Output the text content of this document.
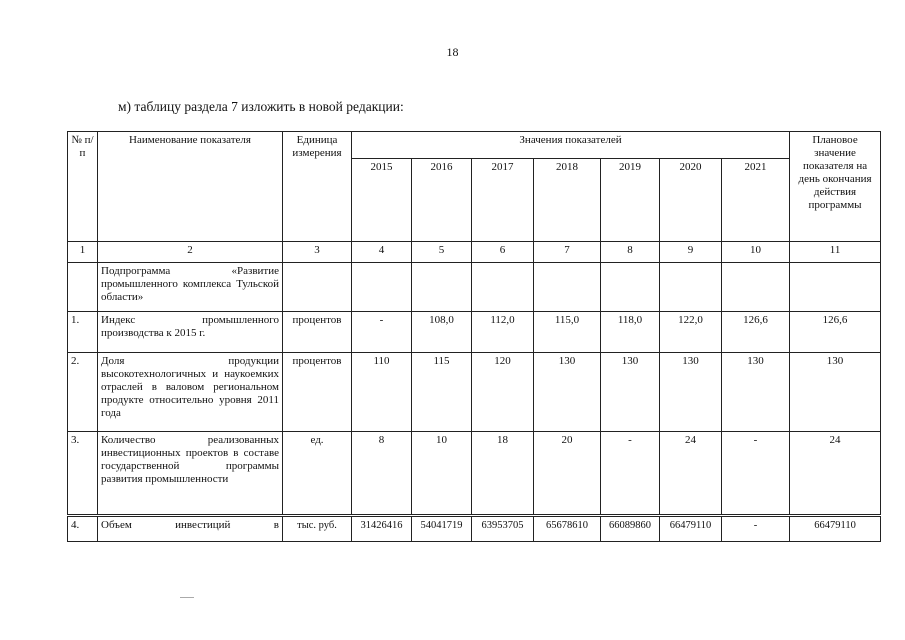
18
м) таблицу раздела 7 изложить в новой редакции:
№ п/п	Наименование показателя	Единица измерения	Значения показателей							Плановое значение показателя на день окончания действия программы
			2015	2016	2017	2018	2019	2020	2021	
1	2	3	4	5	6	7	8	9	10	11
	Подпрограмма «Развитие промышленного комплекса Тульской области»									
1.	Индекс промышленного производства к 2015 г.	процентов	-	108,0	112,0	115,0	118,0	122,0	126,6	126,6
2.	Доля продукции высокотехнологичных и наукоемких отраслей в валовом региональном продукте относительно уровня 2011 года	процентов	110	115	120	130	130	130	130	130
3.	Количество реализованных инвестиционных проектов в составе государственной программы развития промышленности	ед.	8	10	18	20	-	24	-	24
4.	Объем инвестиций в	тыс. руб.	31426416	54041719	63953705	65678610	66089860	66479110	-	66479110
